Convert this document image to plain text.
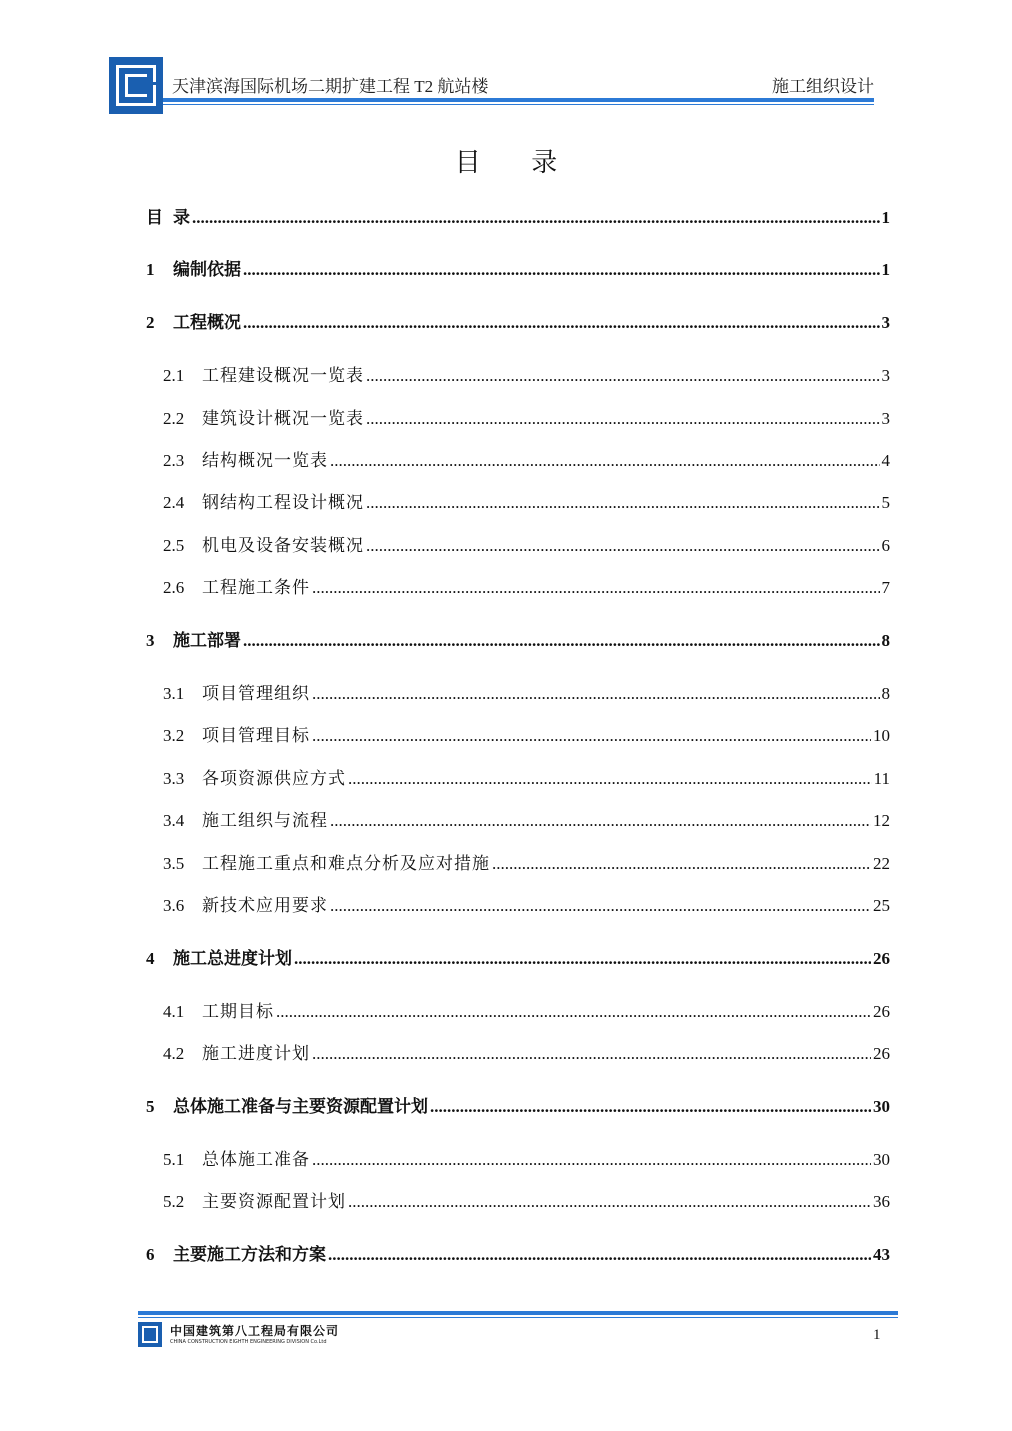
天津滨海国际机场二期扩建工程 T2 航站楼	施工组织设计
目 录
目 录 .....	1
1	编制依据 .....	1
2	工程概况 .....	3
2.1	工程建设概况一览表 .....	3
2.2	建筑设计概况一览表 .....	3
2.3	结构概况一览表 .....	4
2.4	钢结构工程设计概况 .....	5
2.5	机电及设备安装概况 .....	6
2.6	工程施工条件 .....	7
3	施工部署 .....	8
3.1	项目管理组织 .....	8
3.2	项目管理目标 .....	10
3.3	各项资源供应方式 .....	11
3.4	施工组织与流程 .....	12
3.5	工程施工重点和难点分析及应对措施 .....	22
3.6	新技术应用要求 .....	25
4	施工总进度计划 .....	26
4.1	工期目标 .....	26
4.2	施工进度计划 .....	26
5	总体施工准备与主要资源配置计划 .....	30
5.1	总体施工准备 .....	30
5.2	主要资源配置计划 .....	36
6	主要施工方法和方案 .....	43
中国建筑第八工程局有限公司
CHINA CONSTRUCTION EIGHTH ENGINEERING DIVISION Co.Ltd	1
